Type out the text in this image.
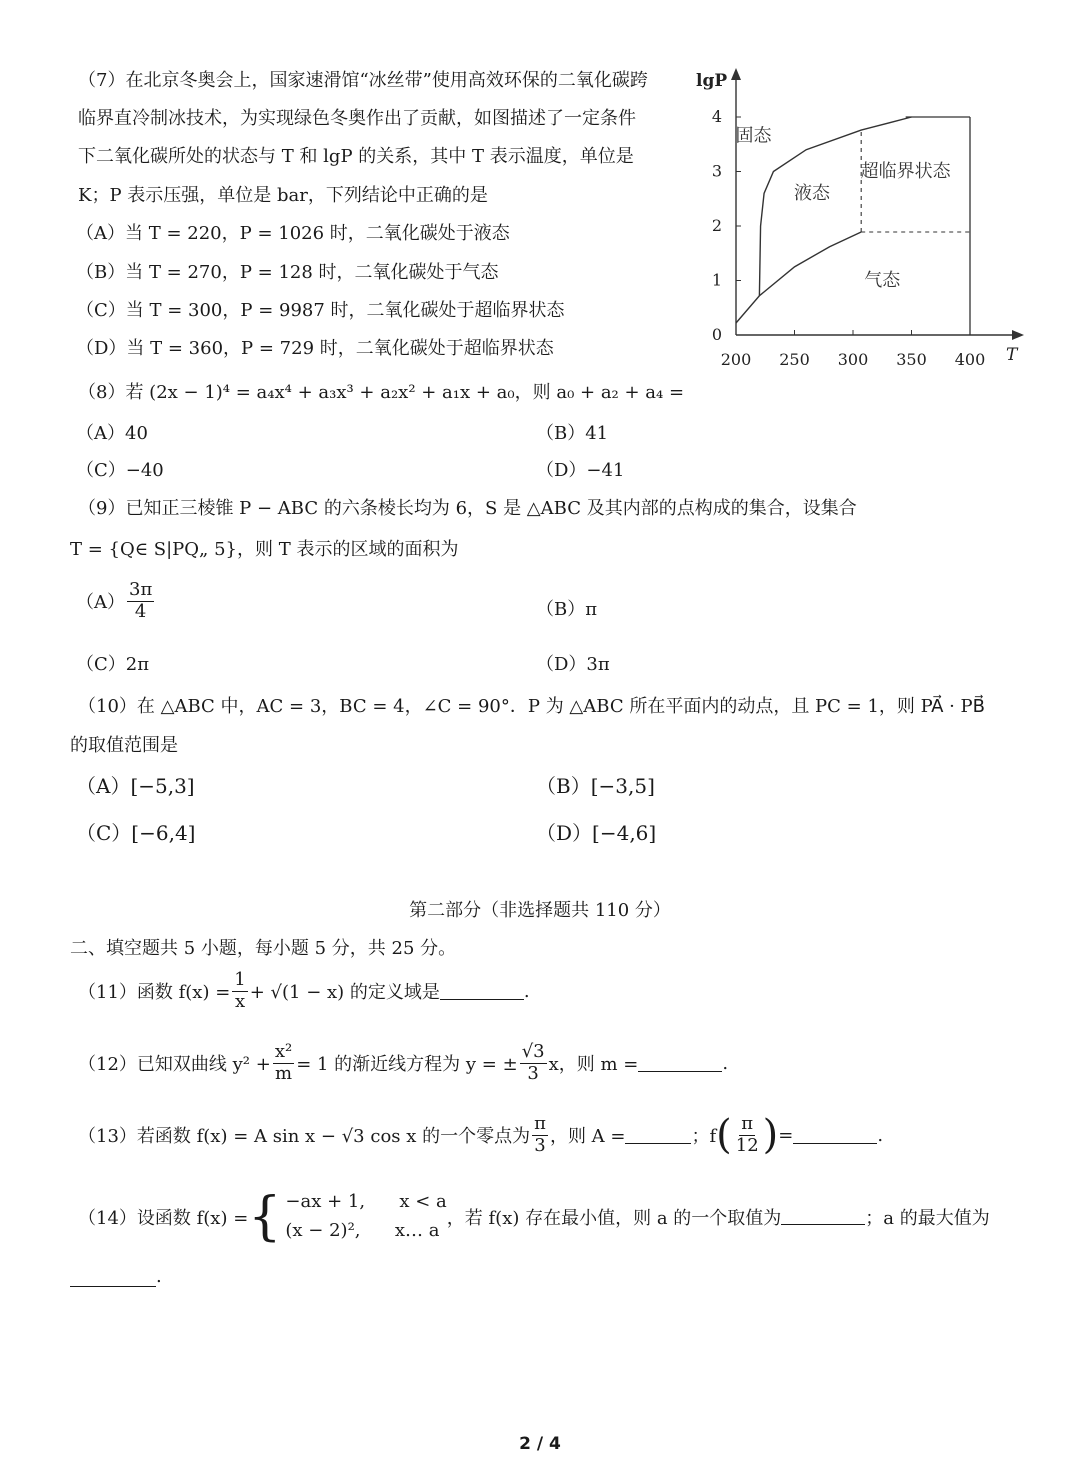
（7）在北京冬奥会上，国家速滑馆“冰丝带”使用高效环保的二氧化碳跨
临界直冷制冰技术，为实现绿色冬奥作出了贡献，如图描述了一定条件
下二氧化碳所处的状态与 T 和 lgP 的关系，其中 T 表示温度，单位是
K；P 表示压强，单位是 bar，下列结论中正确的是
（A）当 T = 220，P = 1026 时，二氧化碳处于液态
（B）当 T = 270，P = 128 时，二氧化碳处于气态
（C）当 T = 300，P = 9987 时，二氧化碳处于超临界状态
（D）当 T = 360，P = 729 时，二氧化碳处于超临界状态
lgP
T
200 250 300 350 400
0
1
2
3
4
固态
液态
超临界状态
气态
（8）若 (2x − 1)⁴ = a₄x⁴ + a₃x³ + a₂x² + a₁x + a₀，则 a₀ + a₂ + a₄ =
（A）40	（B）41
（C）−40	（D）−41
（9）已知正三棱锥 P − ABC 的六条棱长均为 6，S 是 △ABC 及其内部的点构成的集合，设集合
T = {Q∈ S|PQ„ 5}，则 T 表示的区域的面积为
$(A) \frac{3\pi}{4}$	（B）π
（C）2π	（D）3π
（10）在 △ABC 中，AC = 3，BC = 4，∠C = 90°．P 为 △ABC 所在平面内的动点，且 PC = 1，则 PA⃗ · PB⃗
的取值范围是
（A）[−5,3]	（B）[−3,5]
（C）[−6,4]	（D）[−4,6]
第二部分（非选择题共 110 分）
二、填空题共 5 小题，每小题 5 分，共 25 分。
（11）函数 $f(x) = \frac{1}{x} + √(1 - x)$ 的定义域是	.
（12）已知双曲线 $y^2 + \frac{\text{x²}}{m} = 1$ 的渐近线方程为 y = ± $\frac{√3}{3}$ x，则 m =	.
（13）若函数 f(x) = A sin x − √3 cos x 的一个零点为 $\frac{\pi}{3}$ ，则 A =	；f ( $\frac{\pi}{12}$ ) =	.
（14）设函数 f(x) = { −ax + 1,      x < a
(x − 2)²,      x… a
，若 f(x) 存在最小值，则 a 的一个取值为	；a 的最大值为
.
2 / 4
